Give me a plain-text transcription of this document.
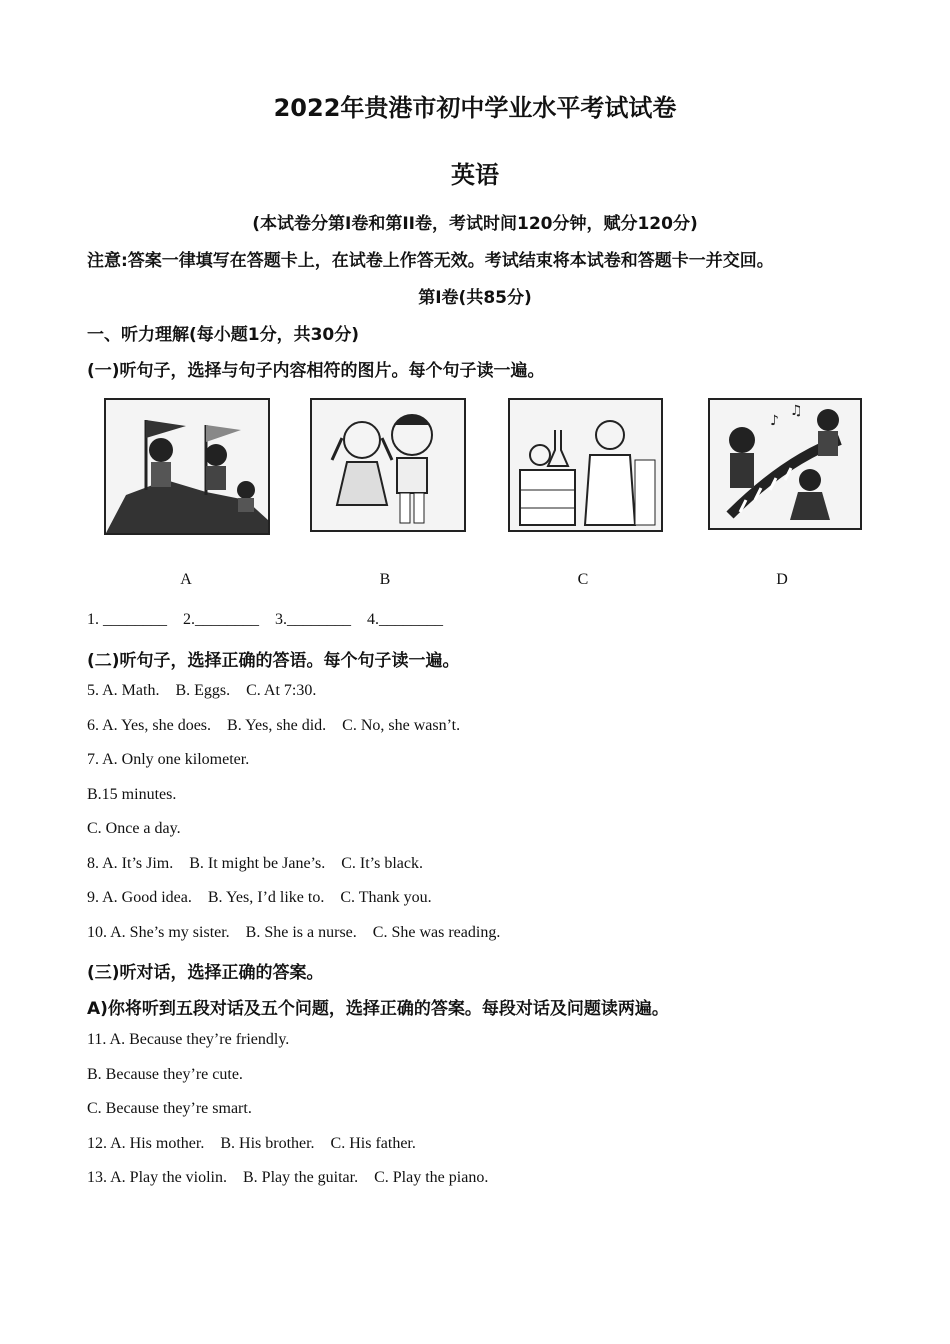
2022年贵港市初中学业水平考试试卷
英语
(本试卷分第I卷和第II卷，考试时间120分钟，赋分120分)
注意:答案一律填写在答题卡上，在试卷上作答无效。考试结束将本试卷和答题卡一并交回。
第I卷(共85分)
一、听力理解(每小题1分，共30分)
(一)听句子，选择与句子内容相符的图片。每个句子读一遍。
♪
♫
A	B	C	D
1. ________    2.________    3.________    4.________
(二)听句子，选择正确的答语。每个句子读一遍。
5. A. Math.    B. Eggs.    C. At 7:30.
6. A. Yes, she does.    B. Yes, she did.    C. No, she wasn’t.
7. A. Only one kilometer.
B.15 minutes.
C. Once a day.
8. A. It’s Jim.    B. It might be Jane’s.    C. It’s black.
9. A. Good idea.    B. Yes, I’d like to.    C. Thank you.
10. A. She’s my sister.    B. She is a nurse.    C. She was reading.
(三)听对话，选择正确的答案。
A)你将听到五段对话及五个问题，选择正确的答案。每段对话及问题读两遍。
11. A. Because they’re friendly.
B. Because they’re cute.
C. Because they’re smart.
12. A. His mother.    B. His brother.    C. His father.
13. A. Play the violin.    B. Play the guitar.    C. Play the piano.
